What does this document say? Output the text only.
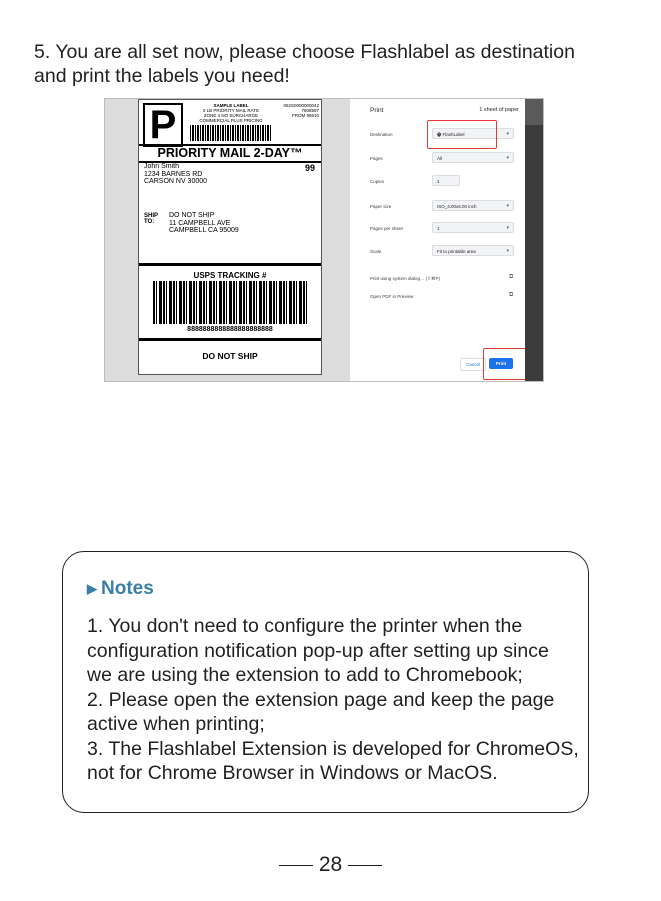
5. You are all set now, please choose Flashlabel as destination
and print the labels you need!
P	SAMPLE LABEL
0 LB PRIORITY MAIL RATE
ZONE 4 NO SURCHARGE
COMMERCIAL PLUS PRICING
062S0000000042
7808597
FROM 98610
PRIORITY MAIL 2-DAY™
John Smith
1234 BARNES RD
CARSON NV 30000
99
SHIP
TO:
DO NOT SHIP
11 CAMPBELL AVE
CAMPBELL CA 95009
USPS TRACKING #
8888888888888888888888
DO NOT SHIP
Print	1 sheet of paper
Destination	🖶 FlashLabel	▾
Pages	All	▾
Copies	1
Paper size	ISO_4.00x6.00 inch	▾
Pages per sheet	1	▾
Scale	Fit to printable area	▾
Print using system dialog… (⇧⌘P)	⧉
Open PDF in Preview	⧉
Cancel	Print
▶ Notes
1. You don't need to configure the printer when the
configuration notification pop-up after setting up since
we are using the extension to add to Chromebook;
2. Please open the extension page and keep the page
active when printing;
3. The Flashlabel Extension is developed for ChromeOS,
not for Chrome Browser in Windows or MacOS.
28
